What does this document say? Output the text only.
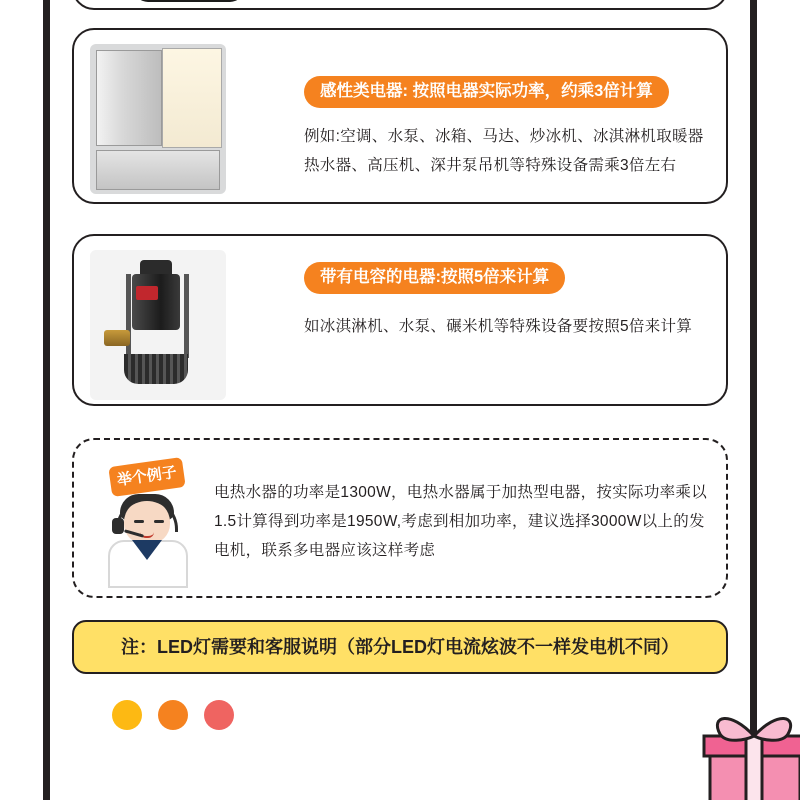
感性类电器: 按照电器实际功率，约乘3倍计算
例如:空调、水泵、冰箱、马达、炒冰机、冰淇淋机取暖器热水器、高压机、深井泵吊机等特殊设备需乘3倍左右
带有电容的电器:按照5倍来计算
如冰淇淋机、水泵、碾米机等特殊设备要按照5倍来计算
举个例子
电热水器的功率是1300W，电热水器属于加热型电器，按实际功率乘以1.5计算得到功率是1950W,考虑到相加功率，建议选择3000W以上的发电机，联系多电器应该这样考虑
注：LED灯需要和客服说明（部分LED灯电流炫波不一样发电机不同）
